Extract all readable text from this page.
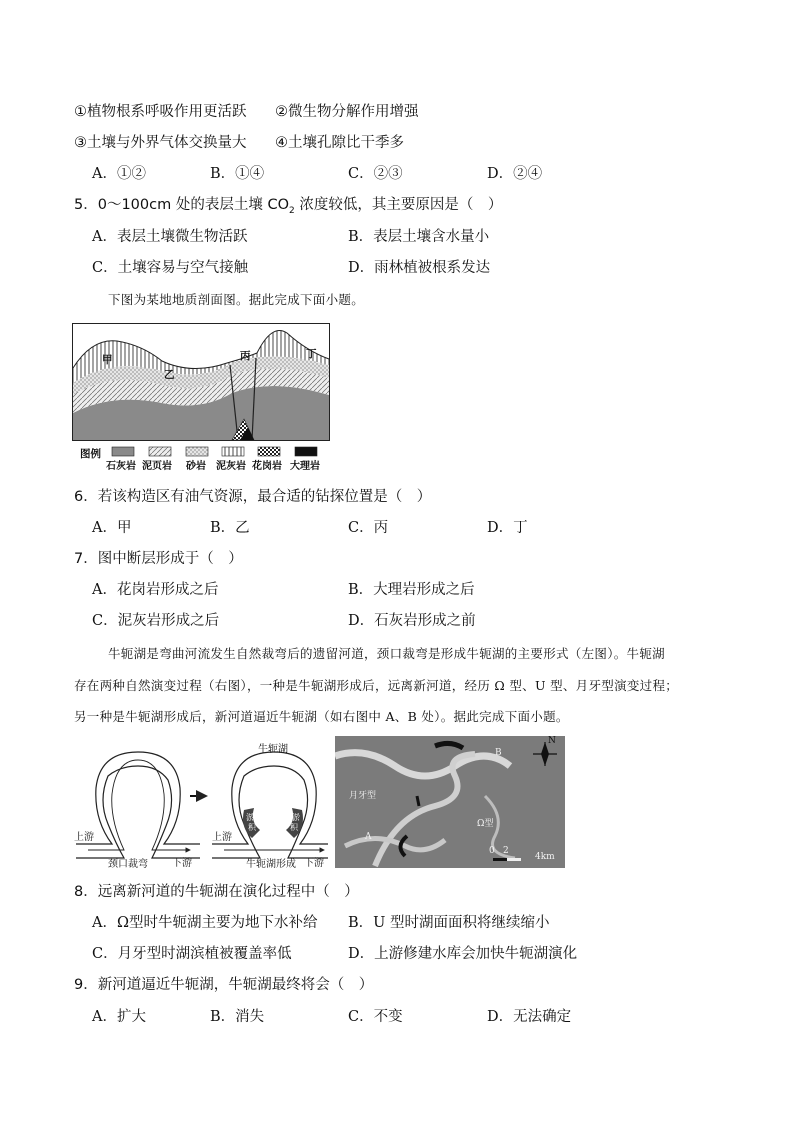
①植物根系呼吸作用更活跃 ②微生物分解作用增强
③土壤与外界气体交换量大 ④土壤孔隙比干季多
A．①②	B．①④	C．②③	D．②④
5．0～100cm 处的表层土壤 $CO_2$ 浓度较低，其主要原因是（　）
A．表层土壤微生物活跃	B．表层土壤含水量小
C．土壤容易与空气接触	D．雨林植被根系发达
下图为某地地质剖面图。据此完成下面小题。
甲
乙
丙	丁
图例
石灰岩 泥页岩 砂岩 泥灰岩 花岗岩 大理岩
6．若该构造区有油气资源，最合适的钻探位置是（　）
A．甲	B．乙	C．丙	D．丁
7．图中断层形成于（　）
A．花岗岩形成之后	B．大理岩形成之后
C．泥灰岩形成之后	D．石灰岩形成之前
牛轭湖是弯曲河流发生自然裁弯后的遗留河道，颈口裁弯是形成牛轭湖的主要形式（左图）。牛轭湖
存在两种自然演变过程（右图），一种是牛轭湖形成后，远离新河道，经历 Ω 型、U 型、月牙型演变过程；
另一种是牛轭湖形成后，新河道逼近牛轭湖（如右图中 A、B 处）。据此完成下面小题。
上游
下游
颈口裁弯
牛轭湖
上游
下游
牛轭湖形成
淤
积
淤
积
月牙型
Ω型
A
B
N
0 2
4km
8．远离新河道的牛轭湖在演化过程中（　）
A．Ω型时牛轭湖主要为地下水补给 B．U 型时湖面面积将继续缩小
C．月牙型时湖滨植被覆盖率低	D．上游修建水库会加快牛轭湖演化
9．新河道逼近牛轭湖，牛轭湖最终将会（　）
A．扩大	B．消失	C．不变	D．无法确定
